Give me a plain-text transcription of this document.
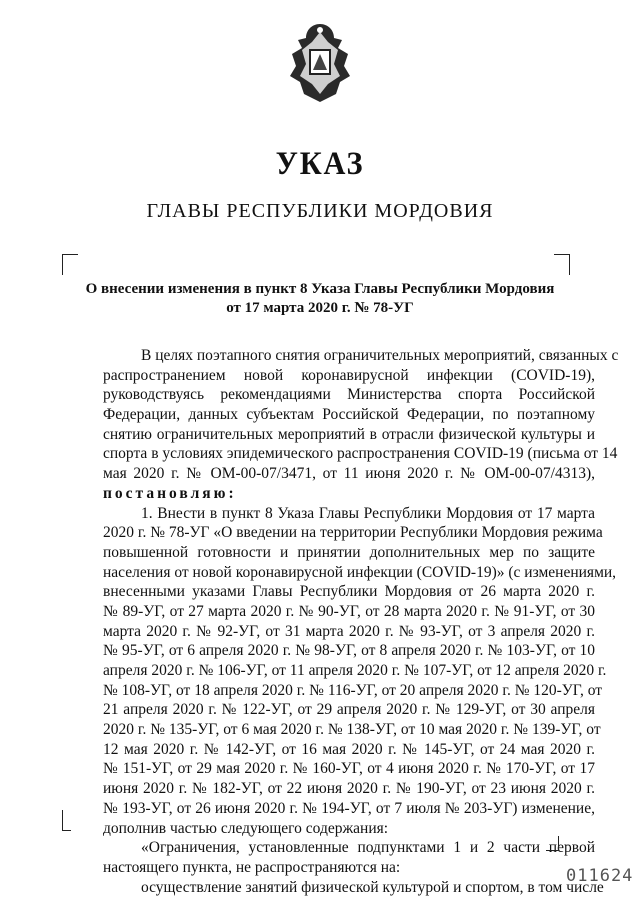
УКАЗ
ГЛАВЫ РЕСПУБЛИКИ МОРДОВИЯ
О внесении изменения в пункт 8 Указа Главы Республики Мордовия
от 17 марта 2020 г. № 78-УГ
В целях поэтапного снятия ограничительных мероприятий, связанных с
распространением новой коронавирусной инфекции (COVID-19),
руководствуясь рекомендациями Министерства спорта Российской
Федерации, данных субъектам Российской Федерации, по поэтапному
снятию ограничительных мероприятий в отрасли физической культуры и
спорта в условиях эпидемического распространения COVID-19 (письма от 14
мая 2020 г. № ОМ-00-07/3471, от 11 июня 2020 г. № ОМ-00-07/4313),
постановляю:
1. Внести в пункт 8 Указа Главы Республики Мордовия от 17 марта
2020 г. № 78-УГ «О введении на территории Республики Мордовия режима
повышенной готовности и принятии дополнительных мер по защите
населения от новой коронавирусной инфекции (COVID-19)» (с изменениями,
внесенными указами Главы Республики Мордовия от 26 марта 2020 г.
№ 89-УГ, от 27 марта 2020 г. № 90-УГ, от 28 марта 2020 г. № 91-УГ, от 30
марта 2020 г. № 92-УГ, от 31 марта 2020 г. № 93-УГ, от 3 апреля 2020 г.
№ 95-УГ, от 6 апреля 2020 г. № 98-УГ, от 8 апреля 2020 г. № 103-УГ, от 10
апреля 2020 г. № 106-УГ, от 11 апреля 2020 г. № 107-УГ, от 12 апреля 2020 г.
№ 108-УГ, от 18 апреля 2020 г. № 116-УГ, от 20 апреля 2020 г. № 120-УГ, от
21 апреля 2020 г. № 122-УГ, от 29 апреля 2020 г. № 129-УГ, от 30 апреля
2020 г. № 135-УГ, от 6 мая 2020 г. № 138-УГ, от 10 мая 2020 г. № 139-УГ, от
12 мая 2020 г. № 142-УГ, от 16 мая 2020 г. № 145-УГ, от 24 мая 2020 г.
№ 151-УГ, от 29 мая 2020 г. № 160-УГ, от 4 июня 2020 г. № 170-УГ, от 17
июня 2020 г. № 182-УГ, от 22 июня 2020 г. № 190-УГ, от 23 июня 2020 г.
№ 193-УГ, от 26 июня 2020 г. № 194-УГ, от 7 июля № 203-УГ) изменение,
дополнив частью следующего содержания:
«Ограничения, установленные подпунктами 1 и 2 части первой
настоящего пункта, не распространяются на:
осуществление занятий физической культурой и спортом, в том числе
011624
